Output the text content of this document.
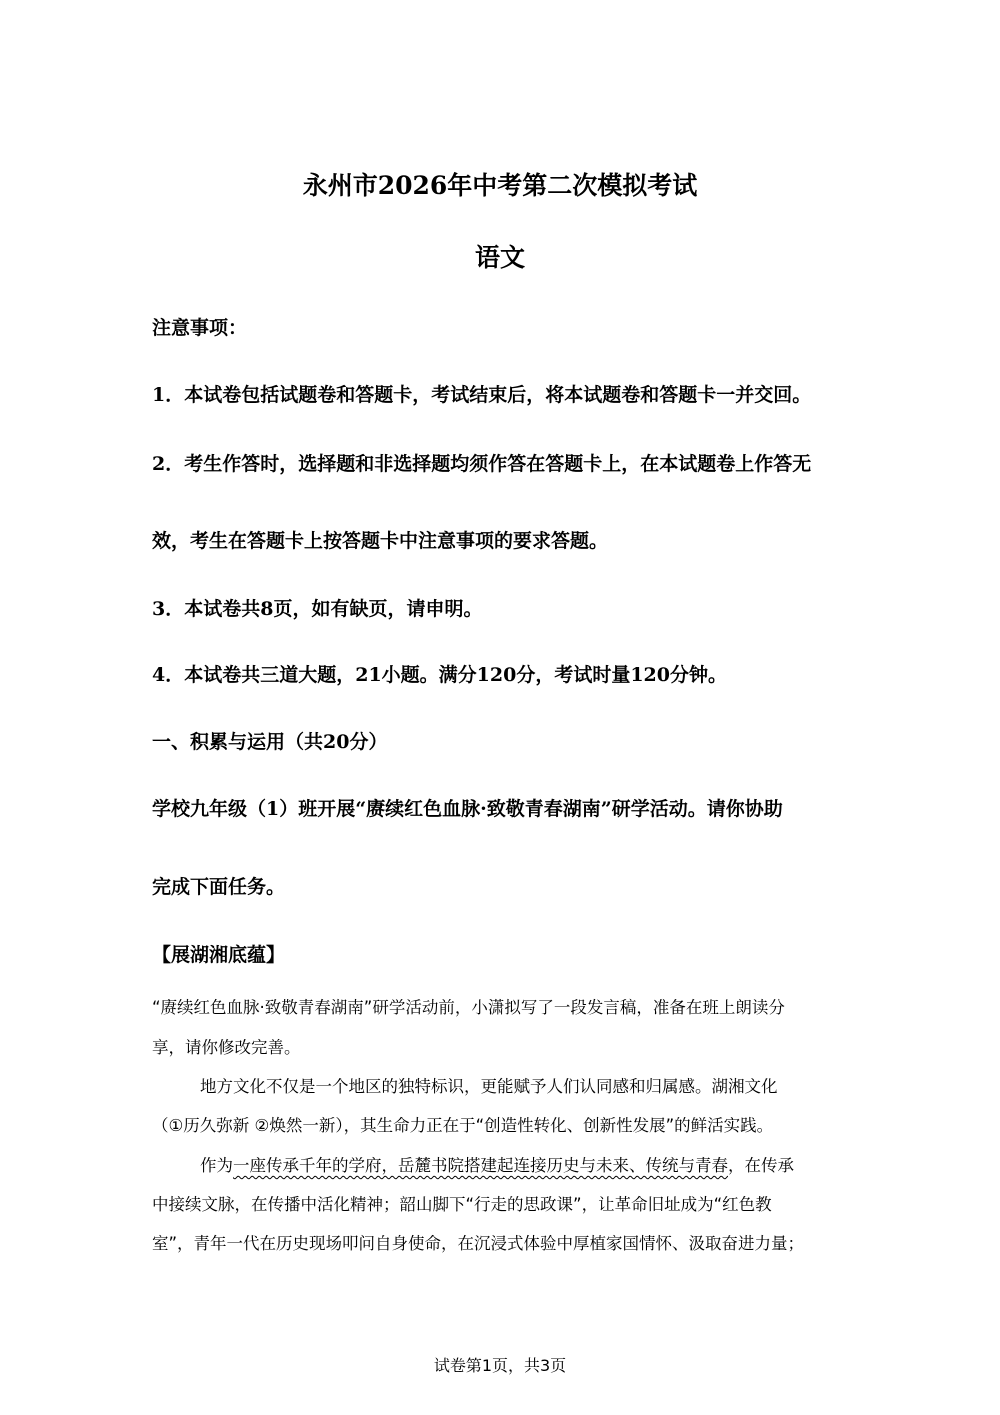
永州市2026年中考第二次模拟考试
语文
注意事项：
1．本试卷包括试题卷和答题卡，考试结束后，将本试题卷和答题卡一并交回。
2．考生作答时，选择题和非选择题均须作答在答题卡上，在本试题卷上作答无
效，考生在答题卡上按答题卡中注意事项的要求答题。
3．本试卷共8页，如有缺页，请申明。
4．本试卷共三道大题，21小题。满分120分，考试时量120分钟。
一、积累与运用（共20分）
学校九年级（1）班开展“赓续红色血脉·致敬青春湖南”研学活动。请你协助
完成下面任务。
【展湖湘底蕴】
“赓续红色血脉·致敬青春湖南”研学活动前，小潇拟写了一段发言稿，准备在班上朗读分
享，请你修改完善。
地方文化不仅是一个地区的独特标识，更能赋予人们认同感和归属感。湖湘文化
（①历久弥新 ②焕然一新），其生命力正在于“创造性转化、创新性发展”的鲜活实践。
作为一座传承千年的学府，岳麓书院搭建起连接历史与未来、传统与青春，在传承
中接续文脉，在传播中活化精神；韶山脚下“行走的思政课”，让革命旧址成为“红色教
室”，青年一代在历史现场叩问自身使命，在沉浸式体验中厚植家国情怀、汲取奋进力量；
试卷第1页，共3页
